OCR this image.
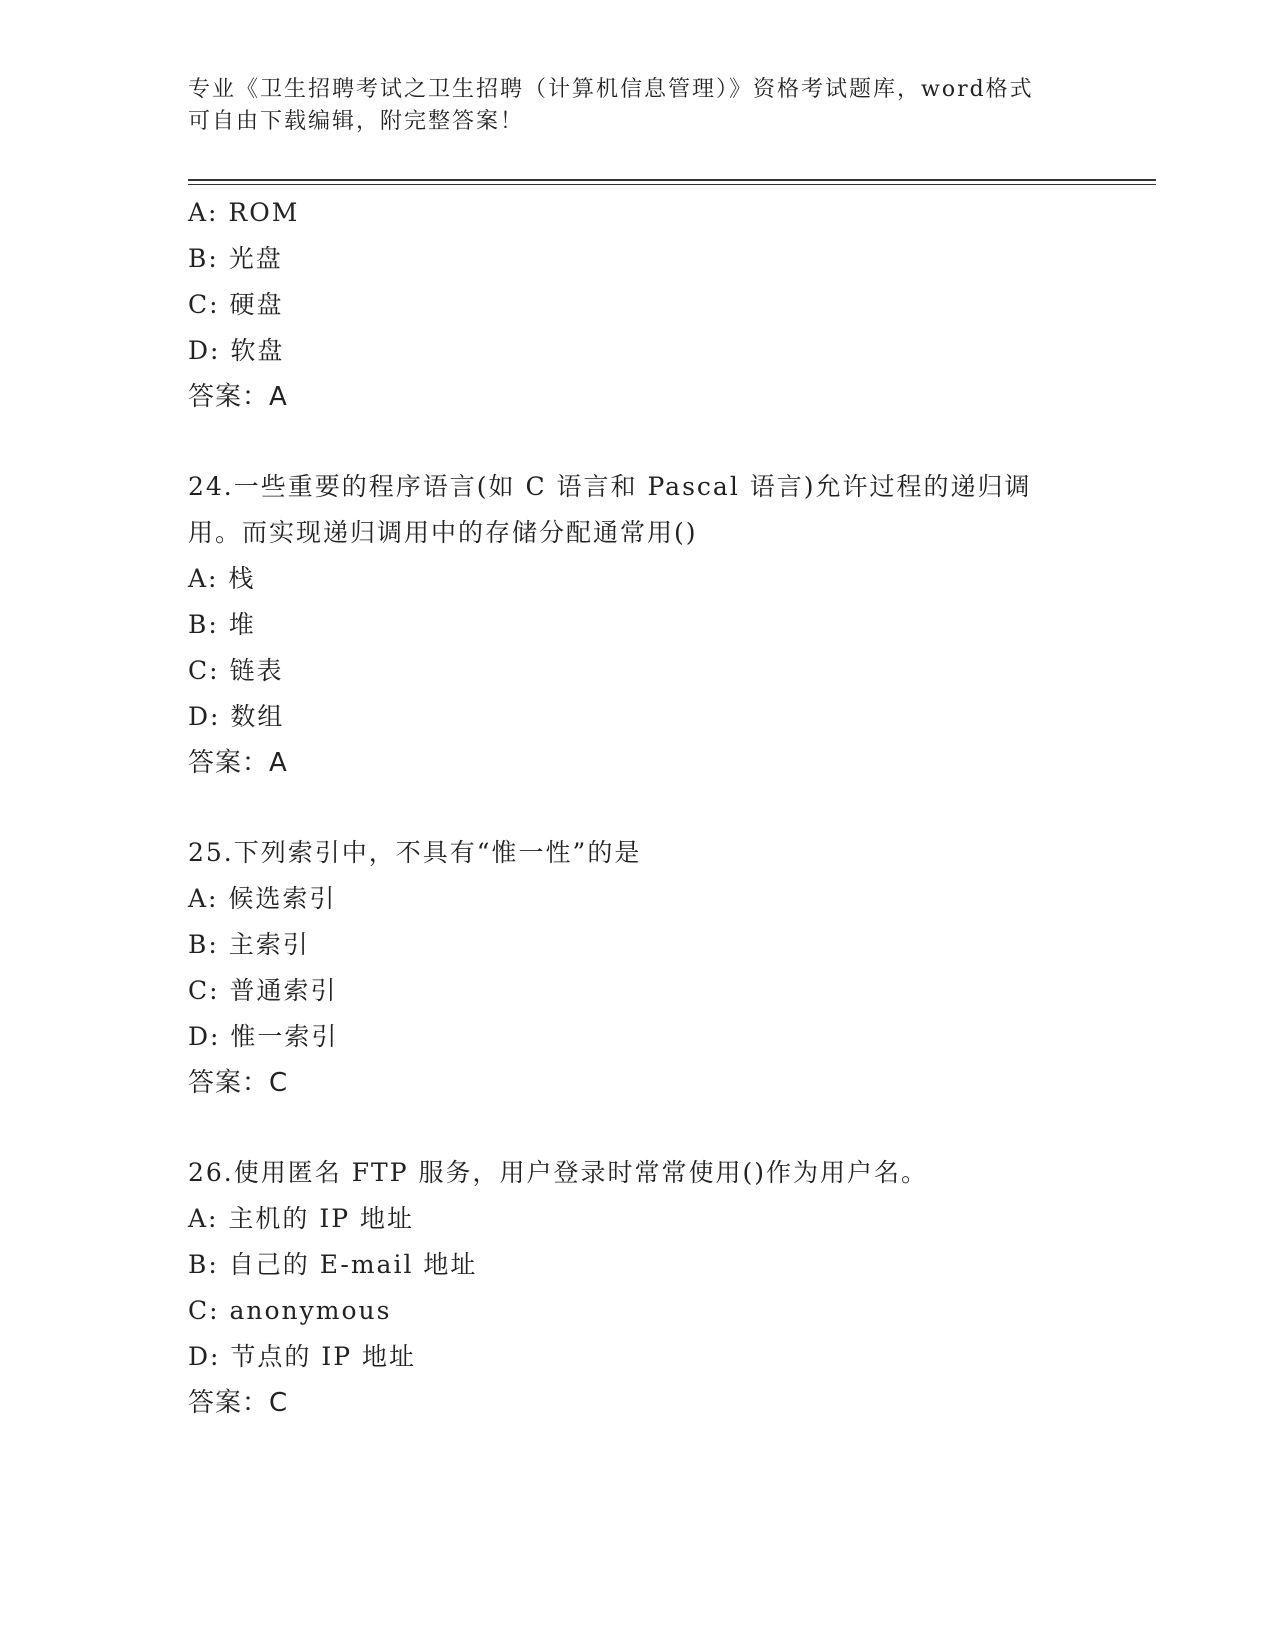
专业《卫生招聘考试之卫生招聘（计算机信息管理）》资格考试题库，word格式

可自由下载编辑，附完整答案！

A: ROM
B: 光盘
C: 硬盘
D: 软盘
答案：A
24.一些重要的程序语言(如 C 语言和 Pascal 语言)允许过程的递归调
用。而实现递归调用中的存储分配通常用()
A: 栈
B: 堆
C: 链表
D: 数组
答案：A
25.下列索引中，不具有“惟一性”的是
A: 候选索引
B: 主索引
C: 普通索引
D: 惟一索引
答案：C
26.使用匿名 FTP 服务，用户登录时常常使用()作为用户名。
A: 主机的 IP 地址
B: 自己的 E-mail 地址
C: anonymous
D: 节点的 IP 地址
答案：C
